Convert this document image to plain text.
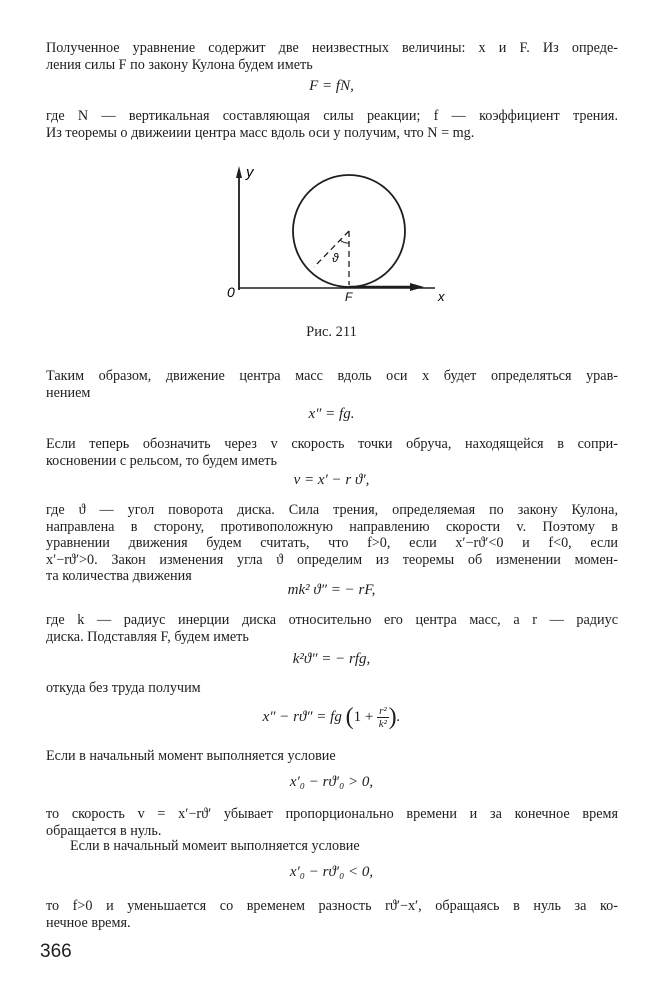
Полученное уравнение содержит две неизвестных величины: x и F. Из опреде-
ления силы F по закону Кулона будем иметь

F = fN,

где N — вертикальная составляющая силы реакции; f — коэффициент трения.
Из теоремы о движеиии центра масс вдоль оси y получим, что N = mg.

y
0	x
F
ϑ
Рис. 211

Таким образом, движение центра масс вдоль оси x будет определяться урав-
нением

x″ = fg.

Если теперь обозначить через v скорость точки обруча, находящейся в сопри-
косновении с рельсом, то будем иметь

v = x′ − r ϑ′,

где ϑ — угол поворота диска. Сила трения, определяемая по закону Кулона,
направлена в сторону, противоположную направлению скорости v. Поэтому в
уравнении движения будем считать, что f>0, если x′−rϑ′<0 и f<0, если
x′−rϑ′>0. Закон изменения угла ϑ определим из теоремы об изменении момен-
та количества движения

mk² ϑ″ = − rF,

где k — радиус инерции диска относительно его центра масс, а r — радиус
диска. Подставляя F, будем иметь

k²ϑ″ = − rfg,

откуда без труда получим

x″ − rϑ″ = fg ($1 + \frac{\text{r²}}{\text{k²}}$ ).

Если в начальный момент выполняется условие

x′₀ − rϑ′₀ > 0,

то скорость v = x′−rϑ′ убывает пропорционально времени и за конечное время
обращается в нуль.

Если в начальный момеит выполняется условие

x′₀ − rϑ′₀ < 0,

то f>0 и уменьшается со временем разность rϑ′−x′, обращаясь в нуль за ко-
нечное время.

366
